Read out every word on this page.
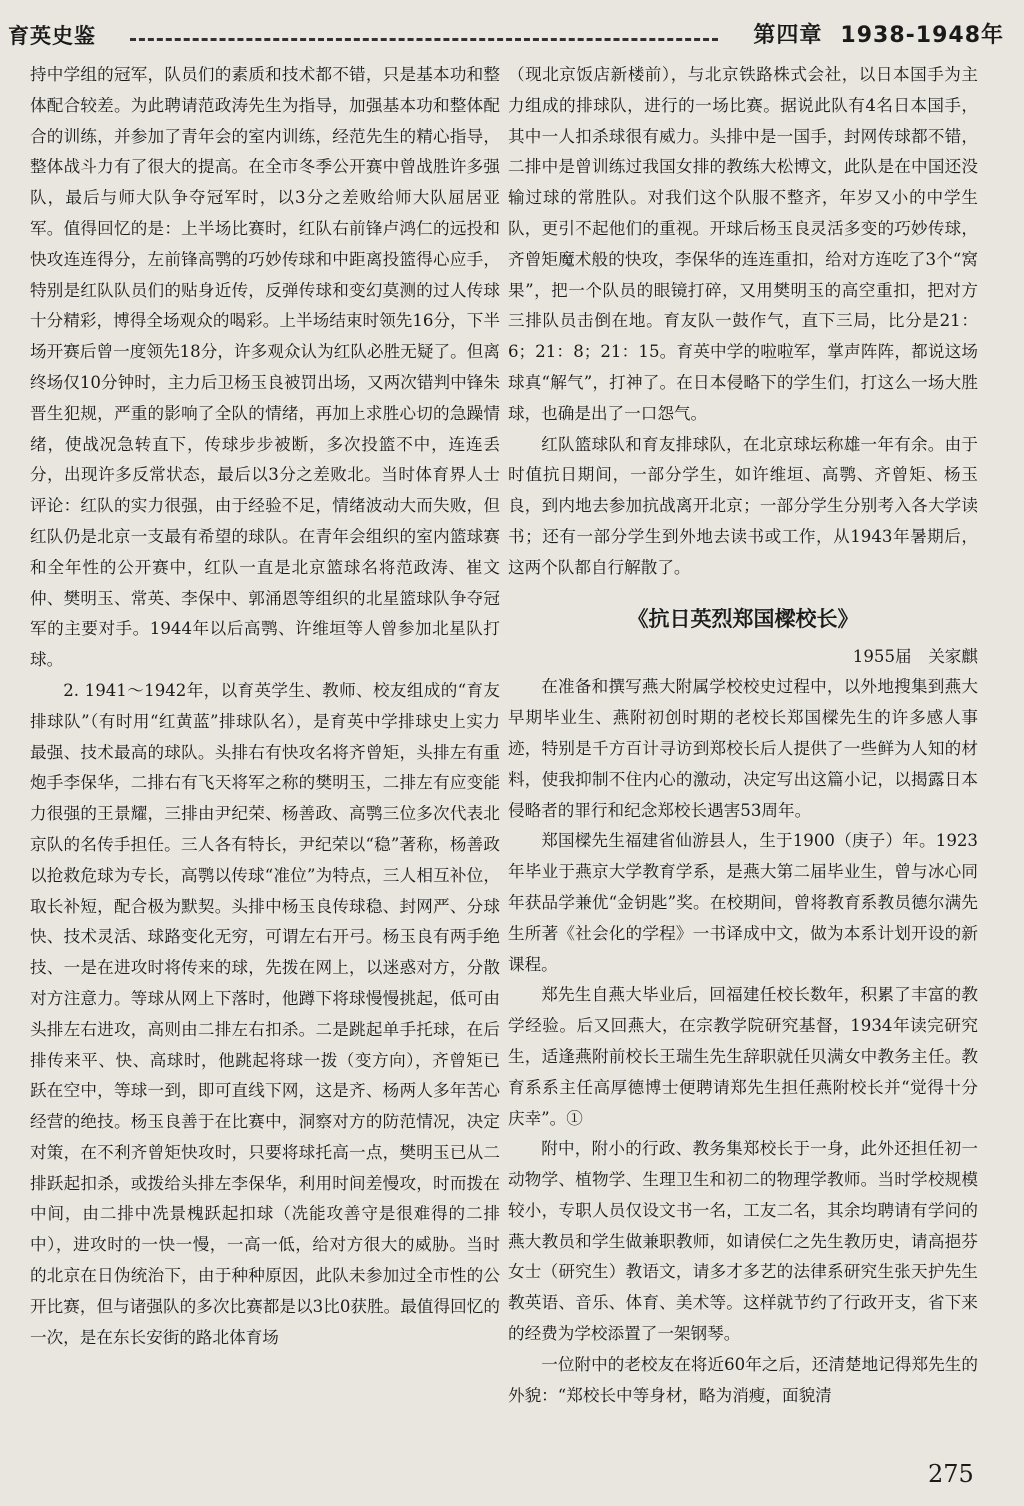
育英史鉴	第四章 1938-1948年

持中学组的冠军，队员们的素质和技术都不错，只是基本功和整体配合较差。为此聘请范政涛先生为指导，加强基本功和整体配合的训练，并参加了青年会的室内训练，经范先生的精心指导，整体战斗力有了很大的提高。在全市冬季公开赛中曾战胜许多强队，最后与师大队争夺冠军时，以3分之差败给师大队屈居亚军。值得回忆的是：上半场比赛时，红队右前锋卢鸿仁的远投和快攻连连得分，左前锋高鹗的巧妙传球和中距离投篮得心应手，特别是红队队员们的贴身近传，反弹传球和变幻莫测的过人传球十分精彩，博得全场观众的喝彩。上半场结束时领先16分，下半场开赛后曾一度领先18分，许多观众认为红队必胜无疑了。但离终场仅10分钟时，主力后卫杨玉良被罚出场，又两次错判中锋朱晋生犯规，严重的影响了全队的情绪，再加上求胜心切的急躁情绪，使战况急转直下，传球步步被断，多次投篮不中，连连丢分，出现许多反常状态，最后以3分之差败北。当时体育界人士评论：红队的实力很强，由于经验不足，情绪波动大而失败，但红队仍是北京一支最有希望的球队。在青年会组织的室内篮球赛和全年性的公开赛中，红队一直是北京篮球名将范政涛、崔文仲、樊明玉、常英、李保中、郭涌恩等组织的北星篮球队争夺冠军的主要对手。1944年以后高鹗、许维垣等人曾参加北星队打球。

2. 1941～1942年，以育英学生、教师、校友组成的“育友排球队”（有时用“红黄蓝”排球队名），是育英中学排球史上实力最强、技术最高的球队。头排右有快攻名将齐曾矩，头排左有重炮手李保华，二排右有飞天将军之称的樊明玉，二排左有应变能力很强的王景耀，三排由尹纪荣、杨善政、高鹗三位多次代表北京队的名传手担任。三人各有特长，尹纪荣以“稳”著称，杨善政以抢救危球为专长，高鹗以传球“准位”为特点，三人相互补位，取长补短，配合极为默契。头排中杨玉良传球稳、封网严、分球快、技术灵活、球路变化无穷，可谓左右开弓。杨玉良有两手绝技、一是在进攻时将传来的球，先拨在网上，以迷惑对方，分散对方注意力。等球从网上下落时，他蹲下将球慢慢挑起，低可由头排左右进攻，高则由二排左右扣杀。二是跳起单手托球，在后排传来平、快、高球时，他跳起将球一拨（变方向），齐曾矩已跃在空中，等球一到，即可直线下网，这是齐、杨两人多年苦心经营的绝技。杨玉良善于在比赛中，洞察对方的防范情况，决定对策，在不利齐曾矩快攻时，只要将球托高一点，樊明玉已从二排跃起扣杀，或拨给头排左李保华，利用时间差慢攻，时而拨在中间，由二排中冼景槐跃起扣球（冼能攻善守是很难得的二排中），进攻时的一快一慢，一高一低，给对方很大的威胁。当时的北京在日伪统治下，由于种种原因，此队未参加过全市性的公开比赛，但与诸强队的多次比赛都是以3比0获胜。最值得回忆的一次，是在东长安街的路北体育场

（现北京饭店新楼前），与北京铁路株式会社，以日本国手为主力组成的排球队，进行的一场比赛。据说此队有4名日本国手，其中一人扣杀球很有威力。头排中是一国手，封网传球都不错，二排中是曾训练过我国女排的教练大松博文，此队是在中国还没输过球的常胜队。对我们这个队服不整齐，年岁又小的中学生队，更引不起他们的重视。开球后杨玉良灵活多变的巧妙传球，齐曾矩魔术般的快攻，李保华的连连重扣，给对方连吃了3个“窝果”，把一个队员的眼镜打碎，又用樊明玉的高空重扣，把对方三排队员击倒在地。育友队一鼓作气，直下三局，比分是21：6；21：8；21：15。育英中学的啦啦军，掌声阵阵，都说这场球真“解气”，打神了。在日本侵略下的学生们，打这么一场大胜球，也确是出了一口怨气。

红队篮球队和育友排球队，在北京球坛称雄一年有余。由于时值抗日期间，一部分学生，如许维垣、高鹗、齐曾矩、杨玉良，到内地去参加抗战离开北京；一部分学生分别考入各大学读书；还有一部分学生到外地去读书或工作，从1943年暑期后，这两个队都自行解散了。

《抗日英烈郑国樑校长》

1955届　关家麒

在准备和撰写燕大附属学校校史过程中，以外地搜集到燕大早期毕业生、燕附初创时期的老校长郑国樑先生的许多感人事迹，特别是千方百计寻访到郑校长后人提供了一些鲜为人知的材料，使我抑制不住内心的激动，决定写出这篇小记，以揭露日本侵略者的罪行和纪念郑校长遇害53周年。

郑国樑先生福建省仙游县人，生于1900（庚子）年。1923年毕业于燕京大学教育学系，是燕大第二届毕业生，曾与冰心同年获品学兼优“金钥匙”奖。在校期间，曾将教育系教员德尔满先生所著《社会化的学程》一书译成中文，做为本系计划开设的新课程。

郑先生自燕大毕业后，回福建任校长数年，积累了丰富的教学经验。后又回燕大，在宗教学院研究基督，1934年读完研究生，适逢燕附前校长王瑞生先生辞职就任贝满女中教务主任。教育系系主任高厚德博士便聘请郑先生担任燕附校长并“觉得十分庆幸”。①

附中，附小的行政、教务集郑校长于一身，此外还担任初一动物学、植物学、生理卫生和初二的物理学教师。当时学校规模较小，专职人员仅设文书一名，工友二名，其余均聘请有学问的燕大教员和学生做兼职教师，如请侯仁之先生教历史，请高挹芬女士（研究生）教语文，请多才多艺的法律系研究生张天护先生教英语、音乐、体育、美术等。这样就节约了行政开支，省下来的经费为学校添置了一架钢琴。

一位附中的老校友在将近60年之后，还清楚地记得郑先生的外貌：“郑校长中等身材，略为消瘦，面貌清

275
